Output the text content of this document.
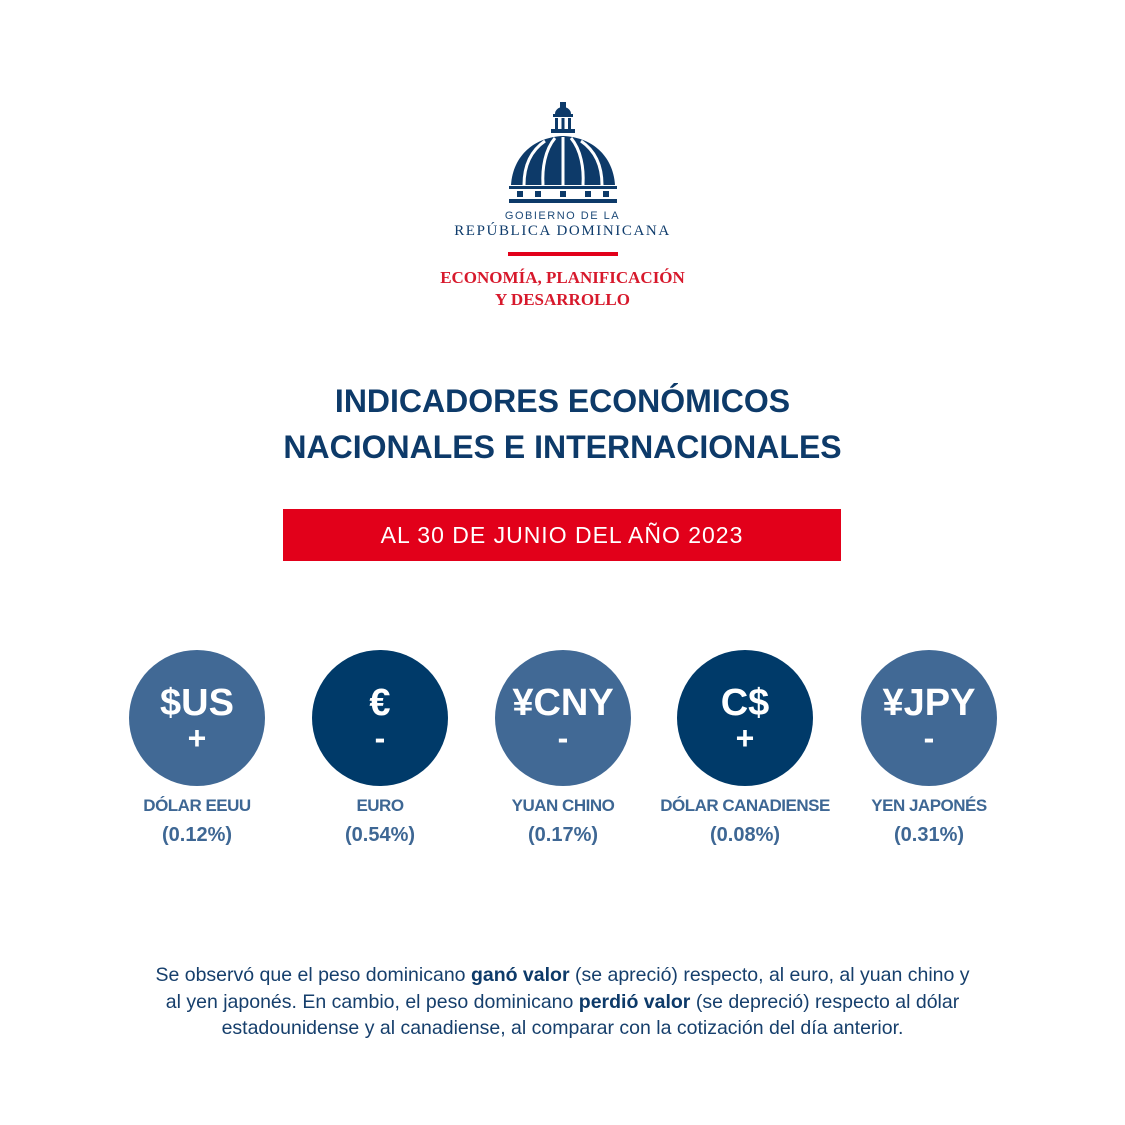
GOBIERNO DE LA
REPÚBLICA DOMINICANA
ECONOMÍA, PLANIFICACIÓN
Y DESARROLLO
INDICADORES ECONÓMICOS
NACIONALES E INTERNACIONALES
AL 30 DE JUNIO DEL AÑO 2023
$US
+
DÓLAR EEUU
(0.12%)
€
-
EURO
(0.54%)
¥CNY
-
YUAN CHINO
(0.17%)
C$
+
DÓLAR CANADIENSE
(0.08%)
¥JPY
-
YEN JAPONÉS
(0.31%)
Se observó que el peso dominicano ganó valor (se apreció) respecto, al euro, al yuan chino y al yen japonés. En cambio, el peso dominicano perdió valor (se depreció) respecto al dólar estadounidense y al canadiense, al comparar con la cotización del día anterior.
